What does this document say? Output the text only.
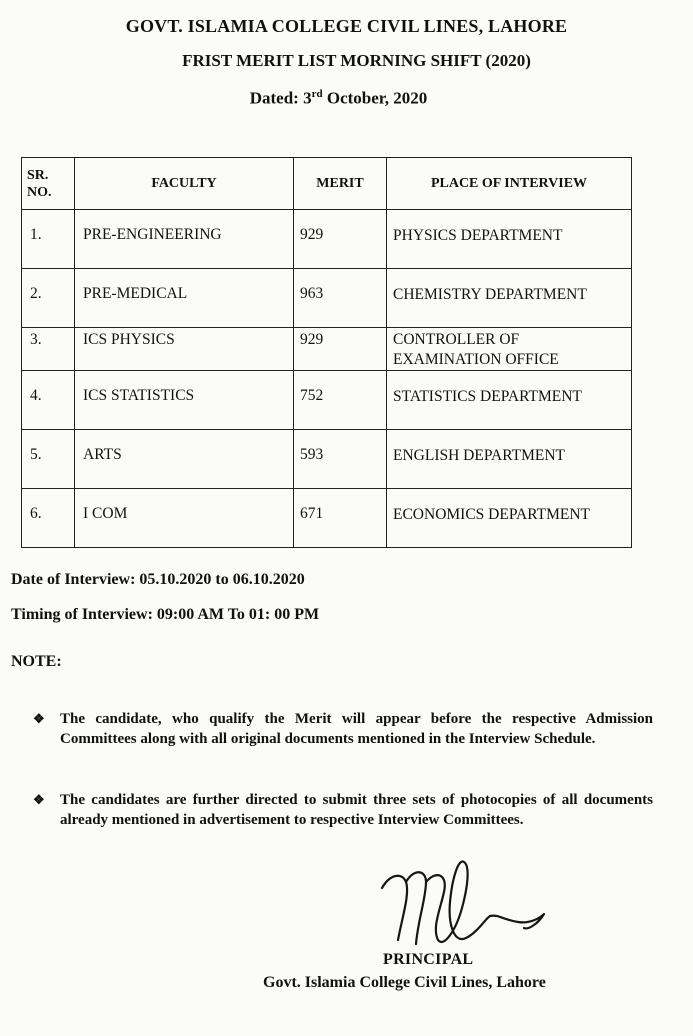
GOVT. ISLAMIA COLLEGE CIVIL LINES, LAHORE
FRIST MERIT LIST MORNING SHIFT (2020)
Dated: 3rd October, 2020
SR.
NO.	FACULTY	MERIT	PLACE OF INTERVIEW
1.	PRE-ENGINEERING	929	PHYSICS DEPARTMENT
2.	PRE-MEDICAL	963	CHEMISTRY DEPARTMENT
3.	ICS PHYSICS	929	CONTROLLER OF
EXAMINATION OFFICE
4.	ICS STATISTICS	752	STATISTICS DEPARTMENT
5.	ARTS	593	ENGLISH DEPARTMENT
6.	I COM	671	ECONOMICS DEPARTMENT
Date of Interview: 05.10.2020 to 06.10.2020
Timing of Interview: 09:00 AM To 01: 00 PM
NOTE:
❖ The candidate, who qualify the Merit will appear before the respective Admission Committees along with all original documents mentioned in the Interview Schedule.
❖ The candidates are further directed to submit three sets of photocopies of all documents already mentioned in advertisement to respective Interview Committees.
PRINCIPAL
Govt. Islamia College Civil Lines, Lahore
